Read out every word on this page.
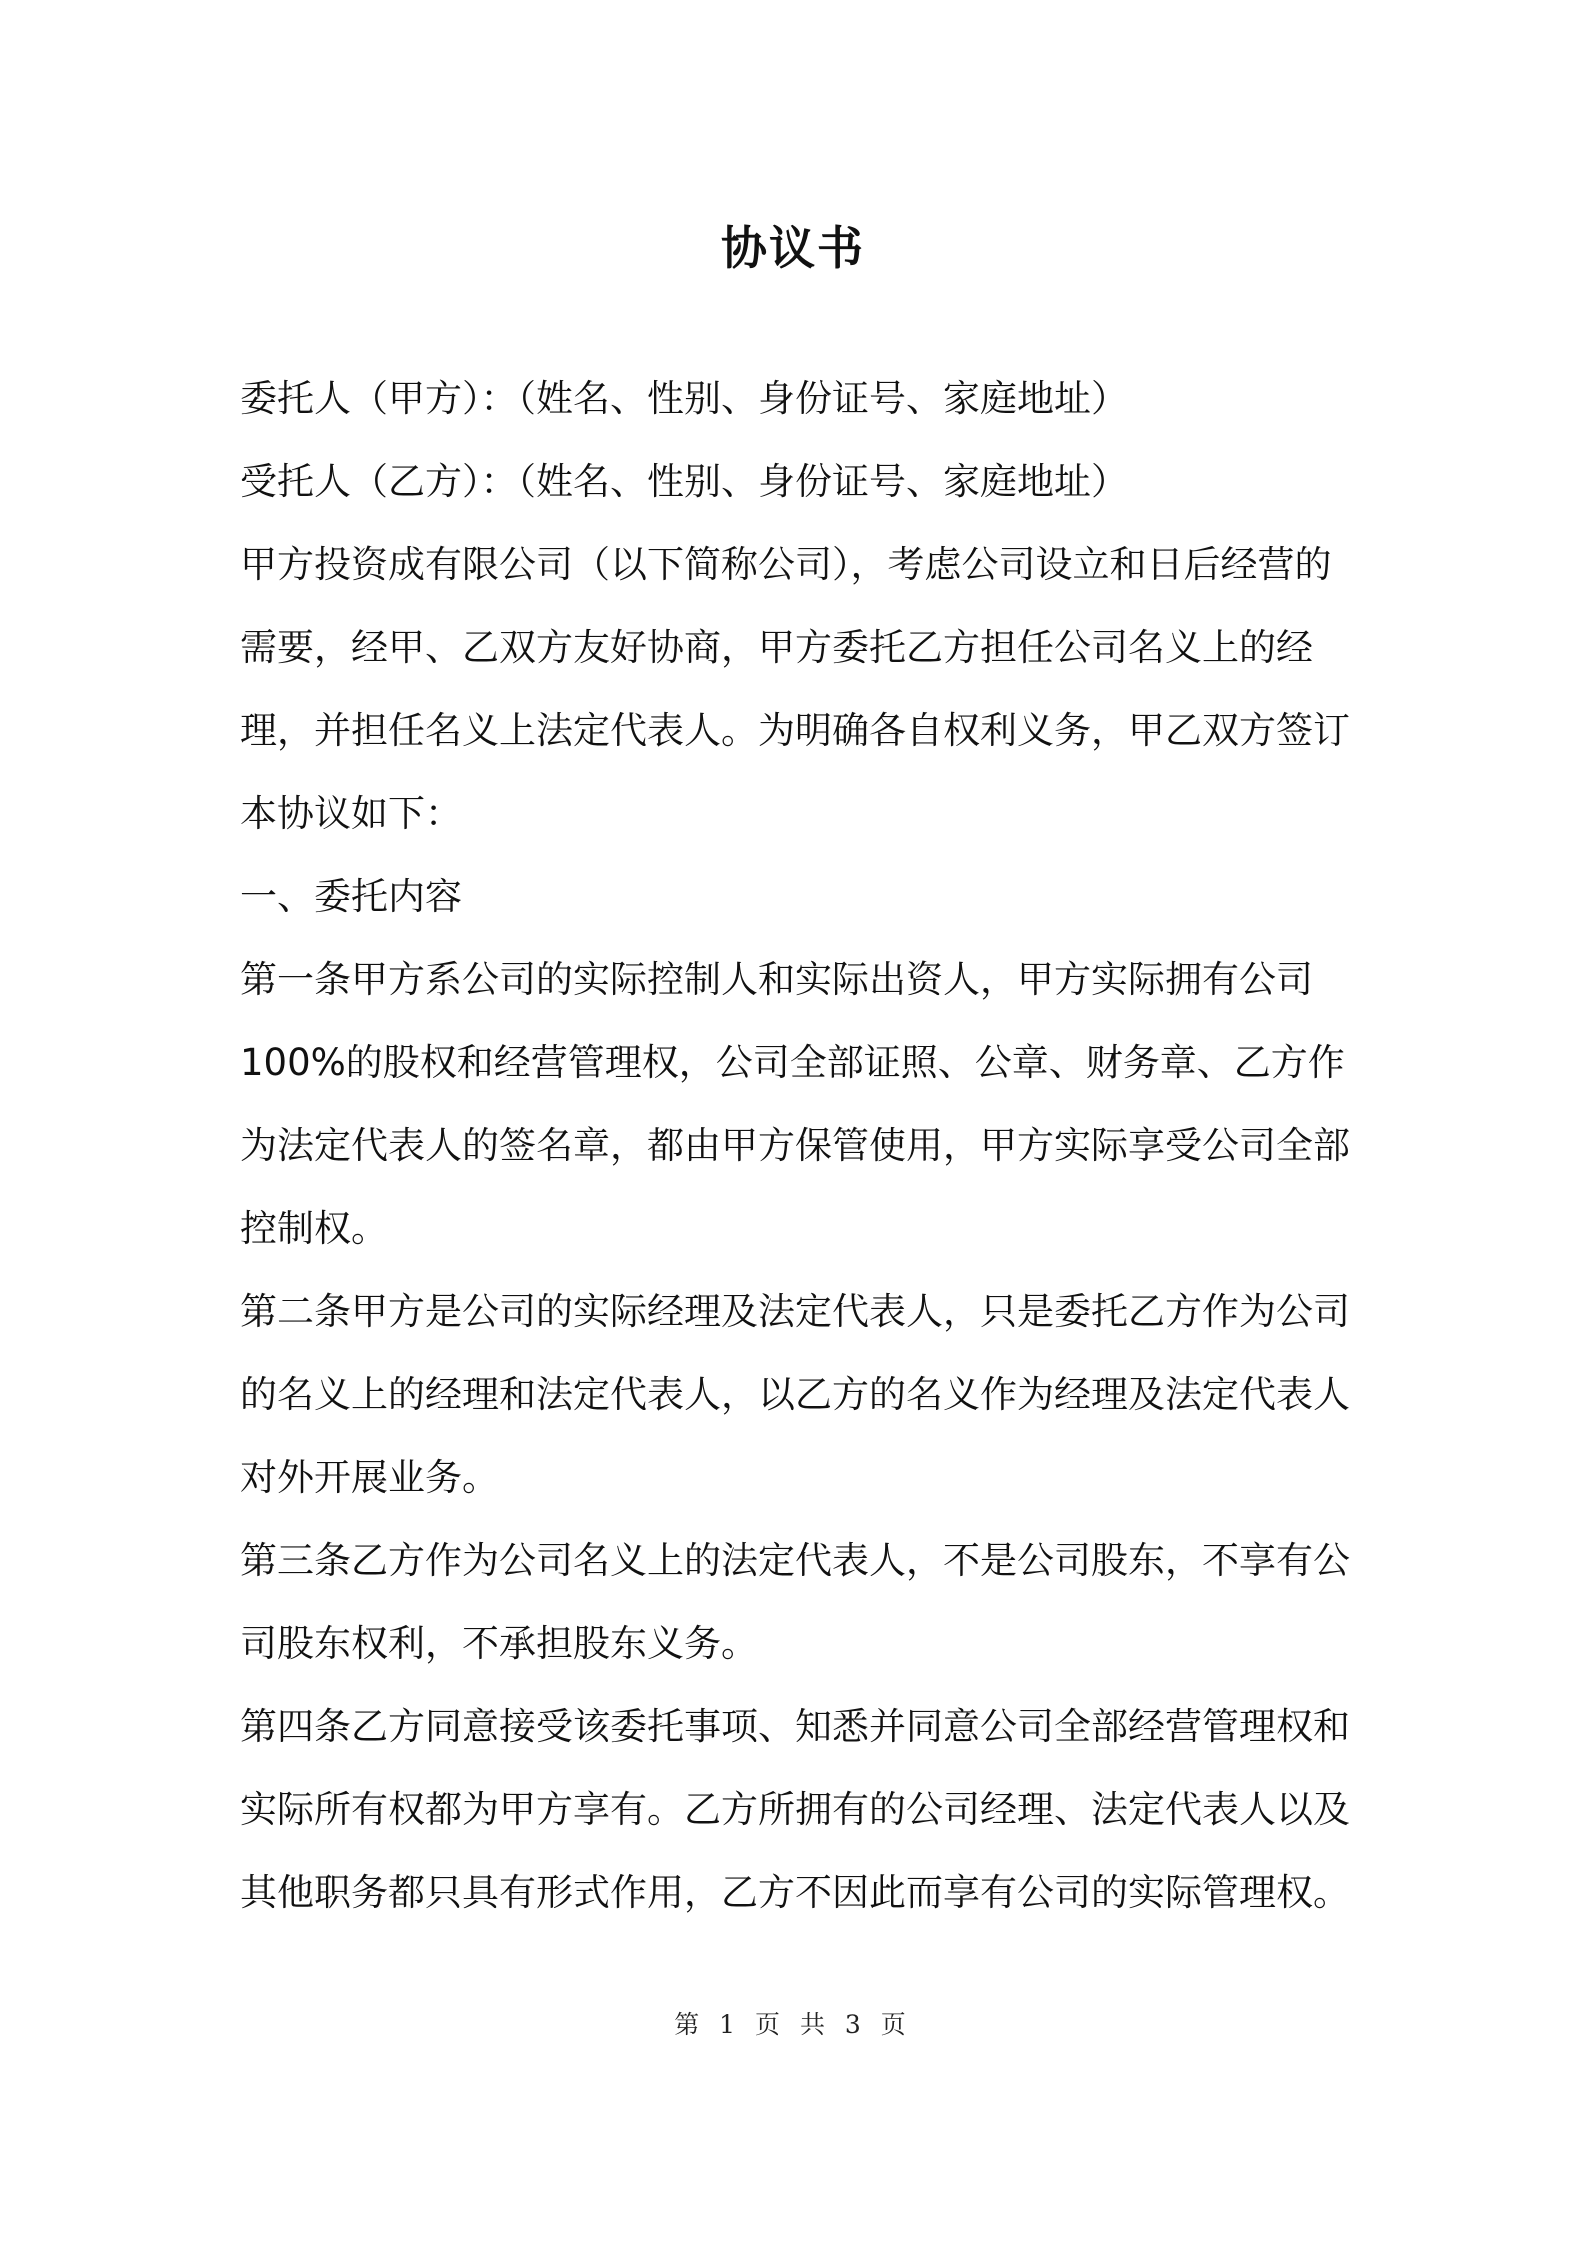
协议书

委托人（甲方）：（姓名、性别、身份证号、家庭地址）

受托人（乙方）：（姓名、性别、身份证号、家庭地址）

甲方投资成有限公司（以下简称公司），考虑公司设立和日后经营的需要，经甲、乙双方友好协商，甲方委托乙方担任公司名义上的经理，并担任名义上法定代表人。为明确各自权利义务，甲乙双方签订本协议如下：

一、委托内容

第一条甲方系公司的实际控制人和实际出资人，甲方实际拥有公司100%的股权和经营管理权，公司全部证照、公章、财务章、乙方作为法定代表人的签名章，都由甲方保管使用，甲方实际享受公司全部控制权。

第二条甲方是公司的实际经理及法定代表人，只是委托乙方作为公司的名义上的经理和法定代表人，以乙方的名义作为经理及法定代表人对外开展业务。

第三条乙方作为公司名义上的法定代表人，不是公司股东，不享有公司股东权利，不承担股东义务。

第四条乙方同意接受该委托事项、知悉并同意公司全部经营管理权和实际所有权都为甲方享有。乙方所拥有的公司经理、法定代表人以及其他职务都只具有形式作用，乙方不因此而享有公司的实际管理权。

第 1 页 共 3 页
